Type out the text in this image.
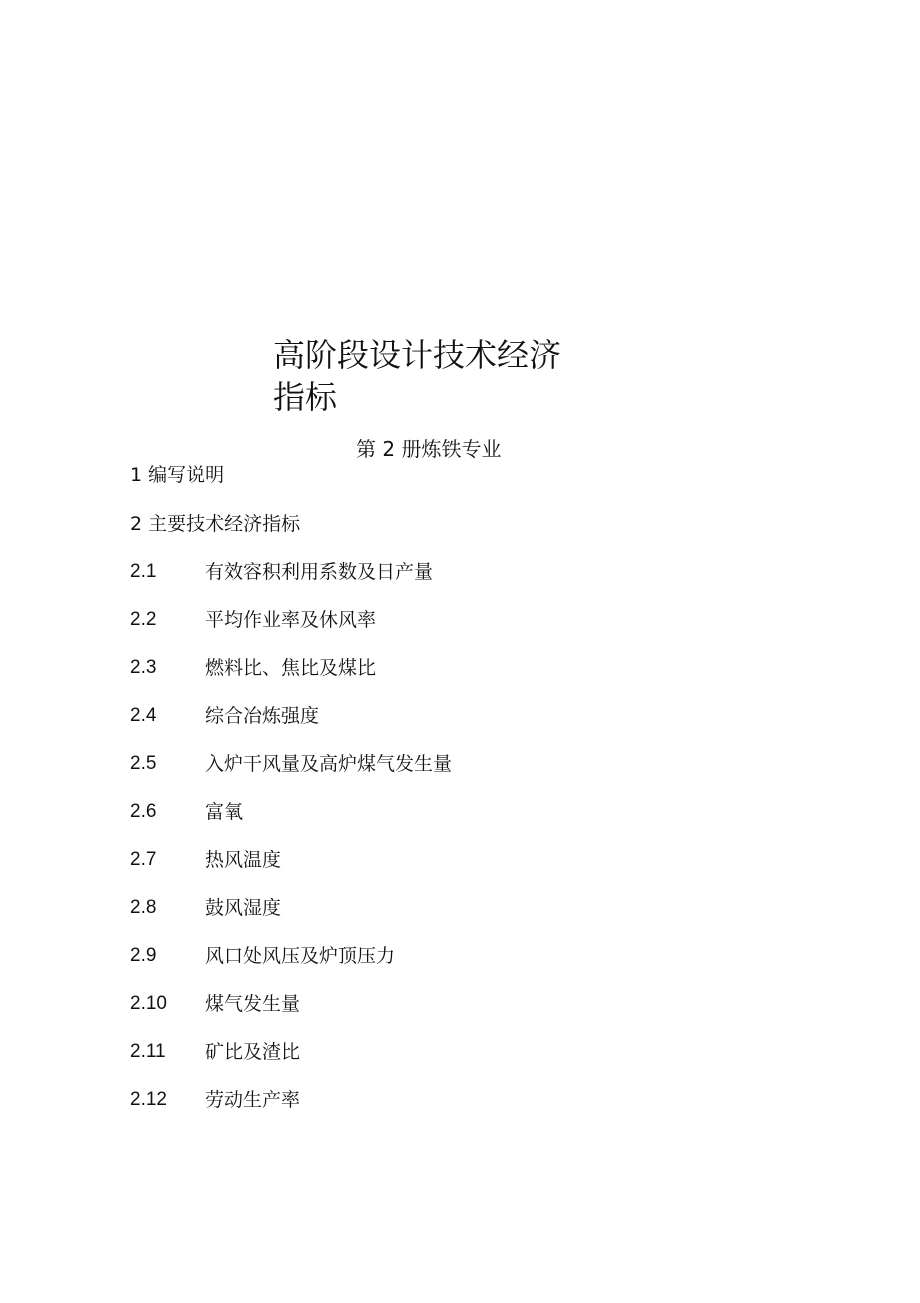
高阶段设计技术经济
指标
第 2 册炼铁专业
1 编写说明
2 主要技术经济指标
2.1	有效容积利用系数及日产量
2.2	平均作业率及休风率
2.3	燃料比、焦比及煤比
2.4	综合冶炼强度
2.5	入炉干风量及高炉煤气发生量
2.6	富氧
2.7	热风温度
2.8	鼓风湿度
2.9	风口处风压及炉顶压力
2.10	煤气发生量
2.11	矿比及渣比
2.12	劳动生产率
